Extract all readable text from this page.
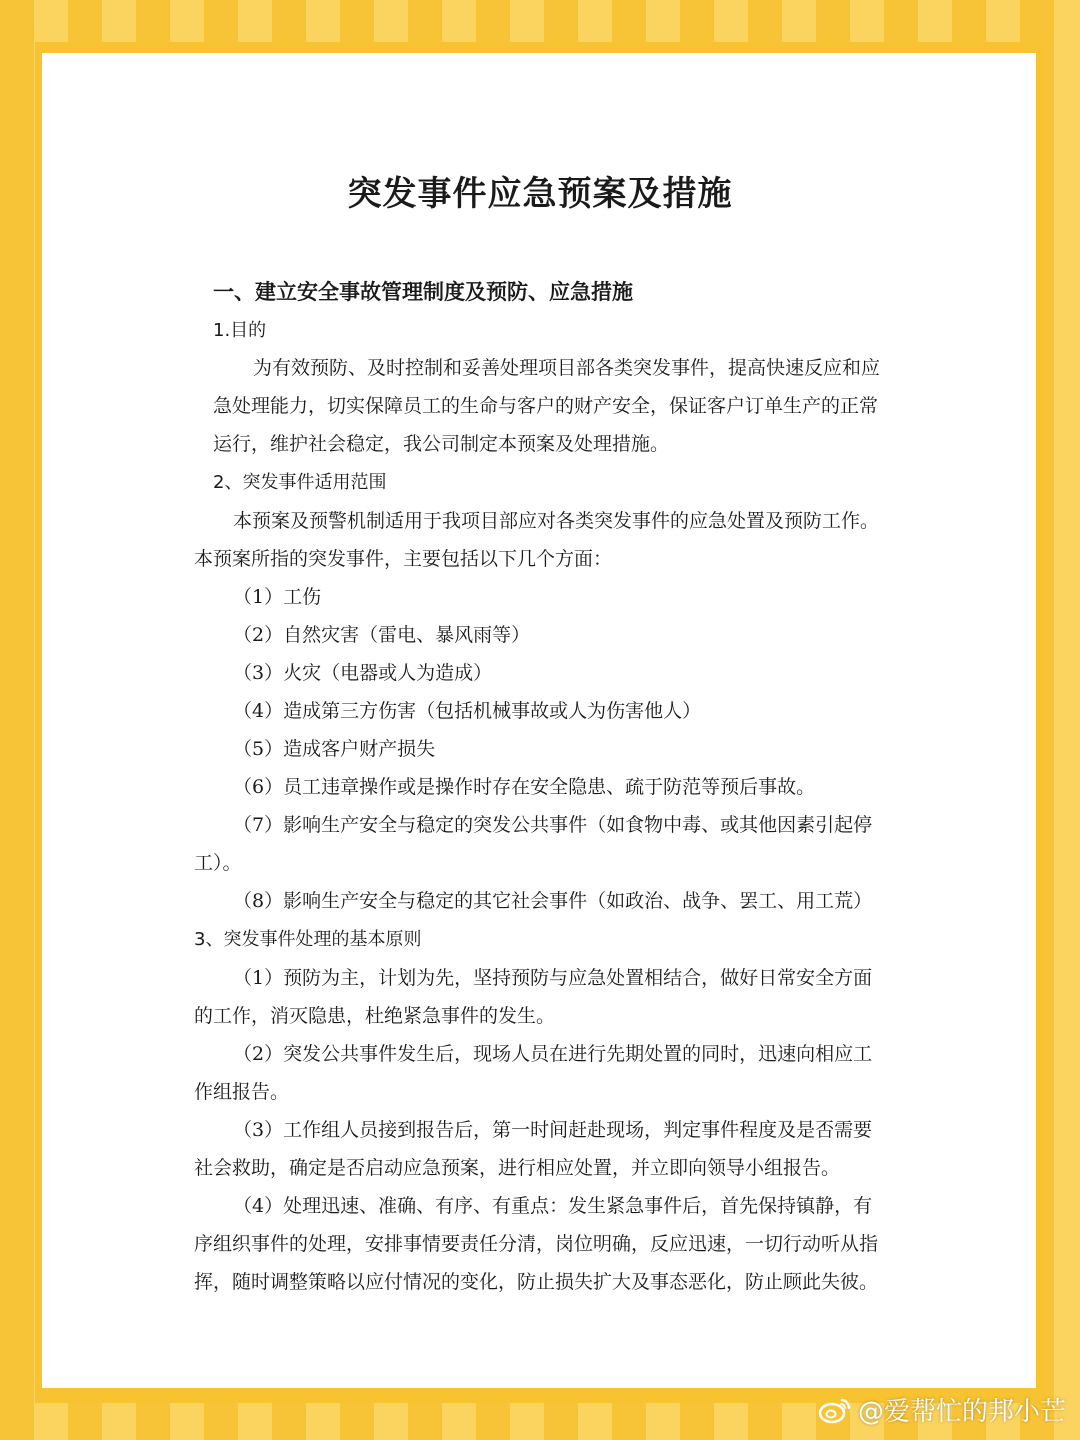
突发事件应急预案及措施

一、建立安全事故管理制度及预防、应急措施

1.目的

为有效预防、及时控制和妥善处理项目部各类突发事件，提高快速反应和应

急处理能力，切实保障员工的生命与客户的财产安全，保证客户订单生产的正常

运行，维护社会稳定，我公司制定本预案及处理措施。

2、突发事件适用范围

本预案及预警机制适用于我项目部应对各类突发事件的应急处置及预防工作。

本预案所指的突发事件，主要包括以下几个方面：

（1）工伤

（2）自然灾害（雷电、暴风雨等）

（3）火灾（电器或人为造成）

（4）造成第三方伤害（包括机械事故或人为伤害他人）

（5）造成客户财产损失

（6）员工违章操作或是操作时存在安全隐患、疏于防范等预后事故。

（7）影响生产安全与稳定的突发公共事件（如食物中毒、或其他因素引起停

工）。

（8）影响生产安全与稳定的其它社会事件（如政治、战争、罢工、用工荒）

3、突发事件处理的基本原则

（1）预防为主，计划为先，坚持预防与应急处置相结合，做好日常安全方面

的工作，消灭隐患，杜绝紧急事件的发生。

（2）突发公共事件发生后，现场人员在进行先期处置的同时，迅速向相应工

作组报告。

（3）工作组人员接到报告后，第一时间赶赴现场，判定事件程度及是否需要

社会救助，确定是否启动应急预案，进行相应处置，并立即向领导小组报告。

（4）处理迅速、准确、有序、有重点：发生紧急事件后，首先保持镇静，有

序组织事件的处理，安排事情要责任分清，岗位明确，反应迅速，一切行动听从指

挥，随时调整策略以应付情况的变化，防止损失扩大及事态恶化，防止顾此失彼。

@爱帮忙的邦小芒
